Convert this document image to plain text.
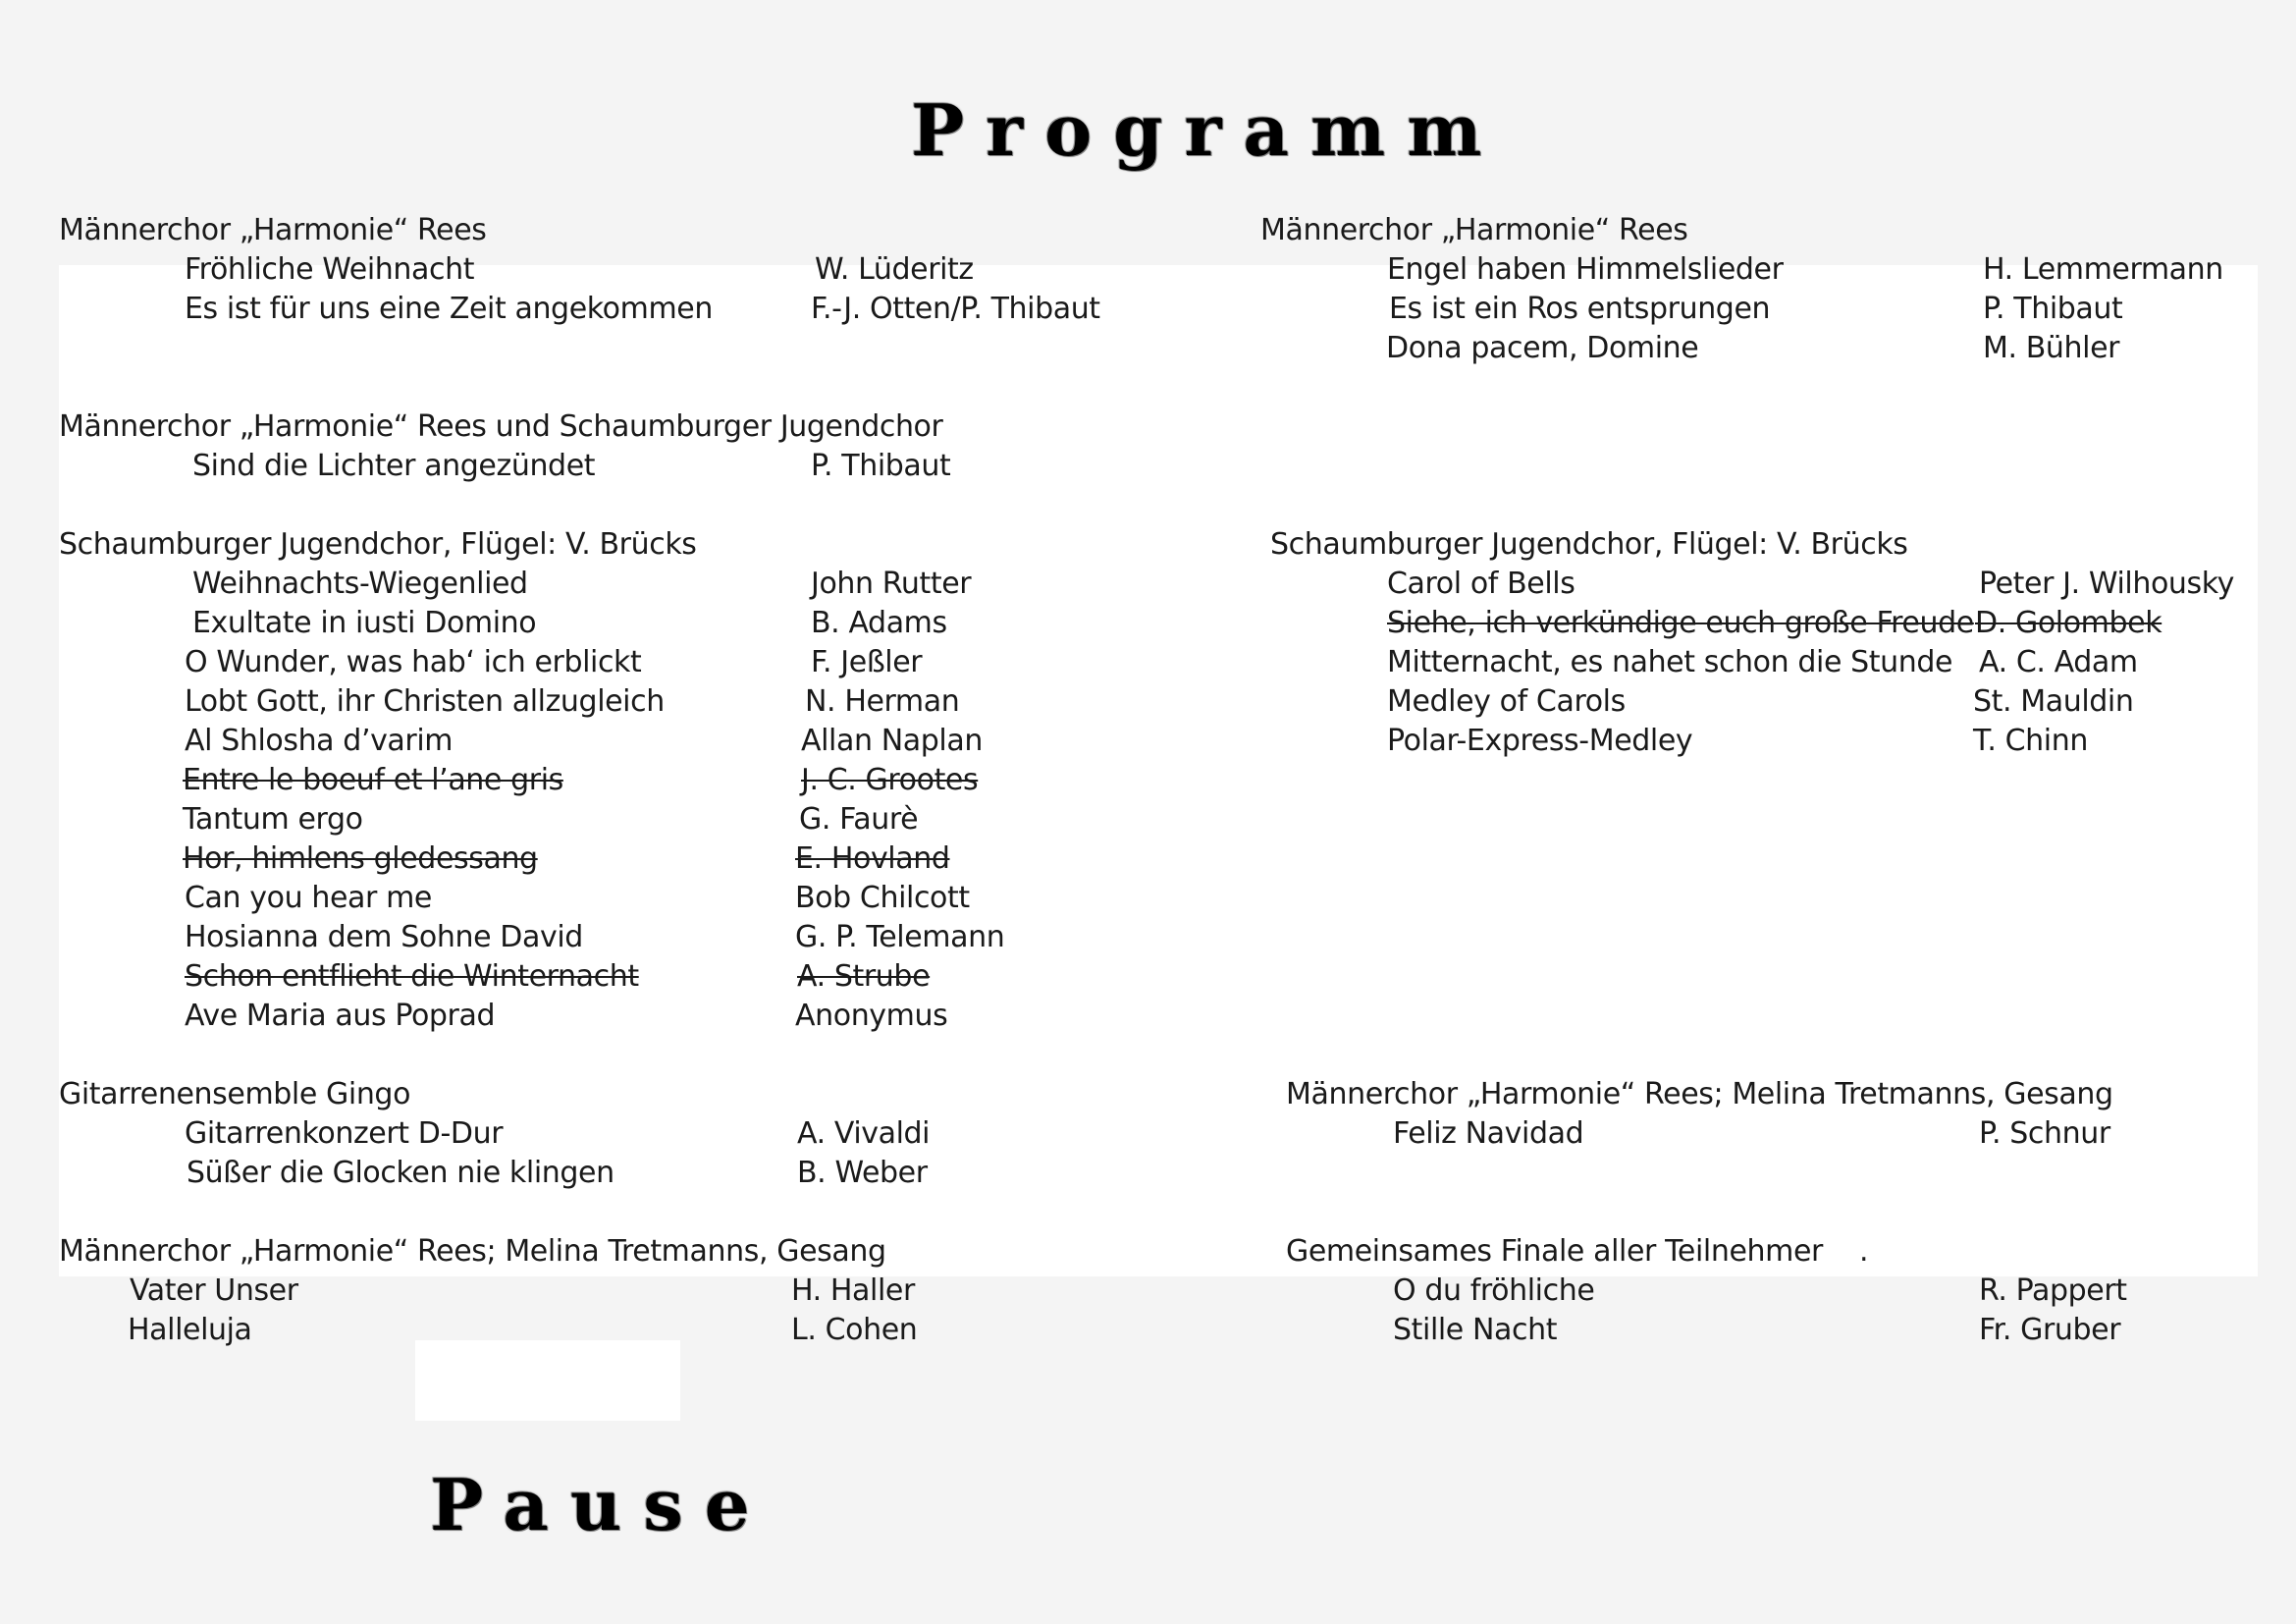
Programm
Männerchor „Harmonie“ Rees
Fröhliche Weihnacht	W. Lüderitz
Es ist für uns eine Zeit angekommen	F.-J. Otten/P. Thibaut
Männerchor „Harmonie“ Rees und Schaumburger Jugendchor
Sind die Lichter angezündet	P. Thibaut
Schaumburger Jugendchor, Flügel: V. Brücks
Weihnachts-Wiegenlied	John Rutter
Exultate in iusti Domino	B. Adams
O Wunder, was hab‘ ich erblickt	F. Jeßler
Lobt Gott, ihr Christen allzugleich	N. Herman
Al Shlosha d’varim	Allan Naplan
Entre le boeuf et l’ane gris	J. C. Grootes
Tantum ergo	G. Faurè
Hor, himlens gledessang	E. Hovland
Can you hear me	Bob Chilcott
Hosianna dem Sohne David	G. P. Telemann
Schon entflieht die Winternacht	A. Strube
Ave Maria aus Poprad	Anonymus
Gitarrenensemble Gingo
Gitarrenkonzert D-Dur	A. Vivaldi
Süßer die Glocken nie klingen	B. Weber
Männerchor „Harmonie“ Rees; Melina Tretmanns, Gesang
Vater Unser	H. Haller
Halleluja	L. Cohen
Männerchor „Harmonie“ Rees
Engel haben Himmelslieder	H. Lemmermann
Es ist ein Ros entsprungen	P. Thibaut
Dona pacem, Domine	M. Bühler
Schaumburger Jugendchor, Flügel: V. Brücks
Carol of Bells	Peter J. Wilhousky
Siehe, ich verkündige euch große Freude D. Golombek
Mitternacht, es nahet schon die Stunde A. C. Adam
Medley of Carols	St. Mauldin
Polar-Express-Medley	T. Chinn
Männerchor „Harmonie“ Rees; Melina Tretmanns, Gesang
Feliz Navidad	P. Schnur
Gemeinsames Finale aller Teilnehmer .
O du fröhliche	R. Pappert
Stille Nacht	Fr. Gruber
Pause
